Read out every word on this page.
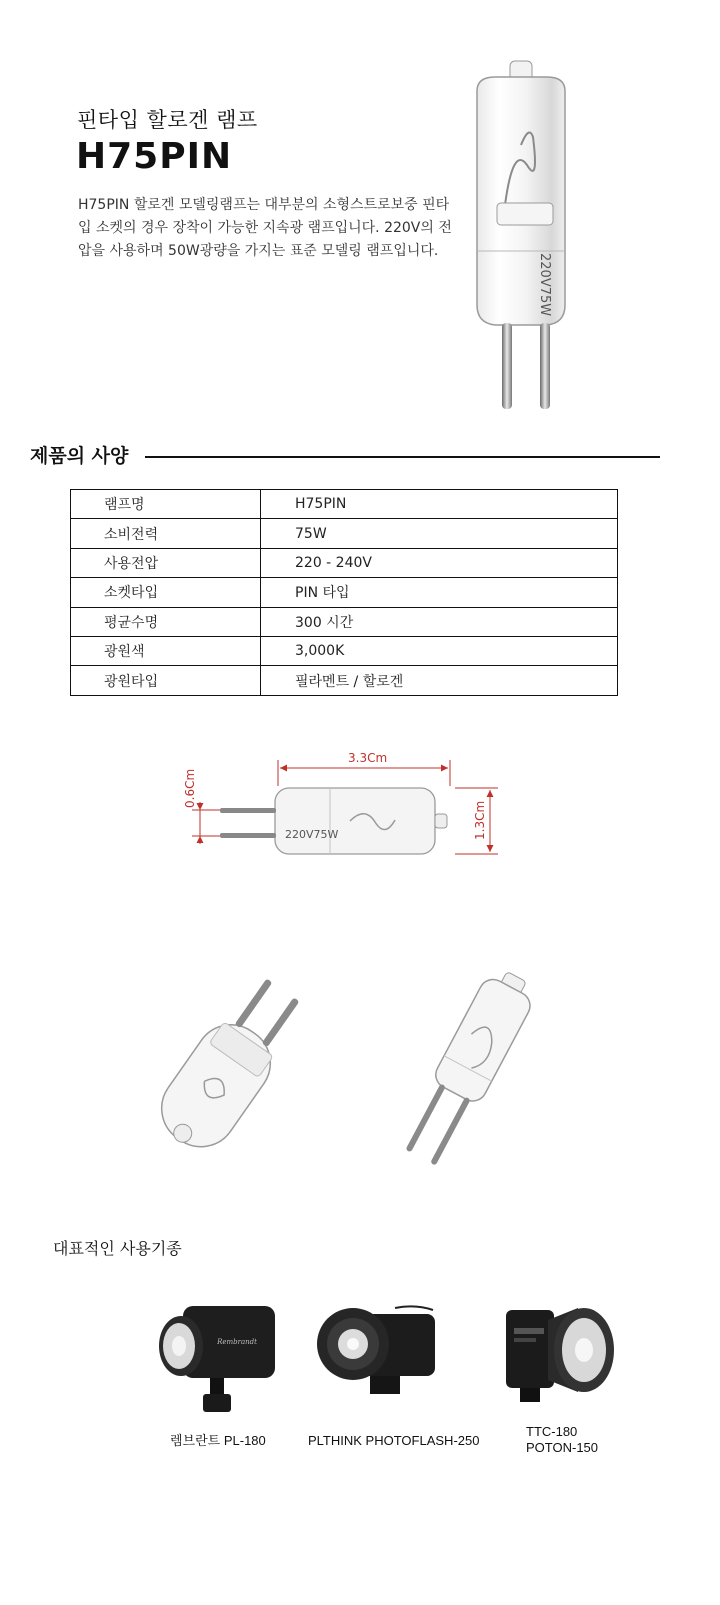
핀타입 할로겐 램프
H75PIN
H75PIN 할로겐 모델링램프는 대부분의 소형스트로보중 핀타입 소켓의 경우 장착이 가능한 지속광 램프입니다. 220V의 전압을 사용하며 50W광량을 가지는 표준 모델링 램프입니다.
220V75W
제품의 사양
램프명	H75PIN
소비전력	75W
사용전압	220 - 240V
소켓타입	PIN 타입
평균수명	300 시간
광원색	3,000K
광원타입	필라멘트 / 할로겐
220V75W
3.3Cm
0.6Cm
1.3Cm
대표적인 사용기종
Rembrandt
렘브란트 PL-180	PLTHINK PHOTOFLASH-250
TTC-180
POTON-150
